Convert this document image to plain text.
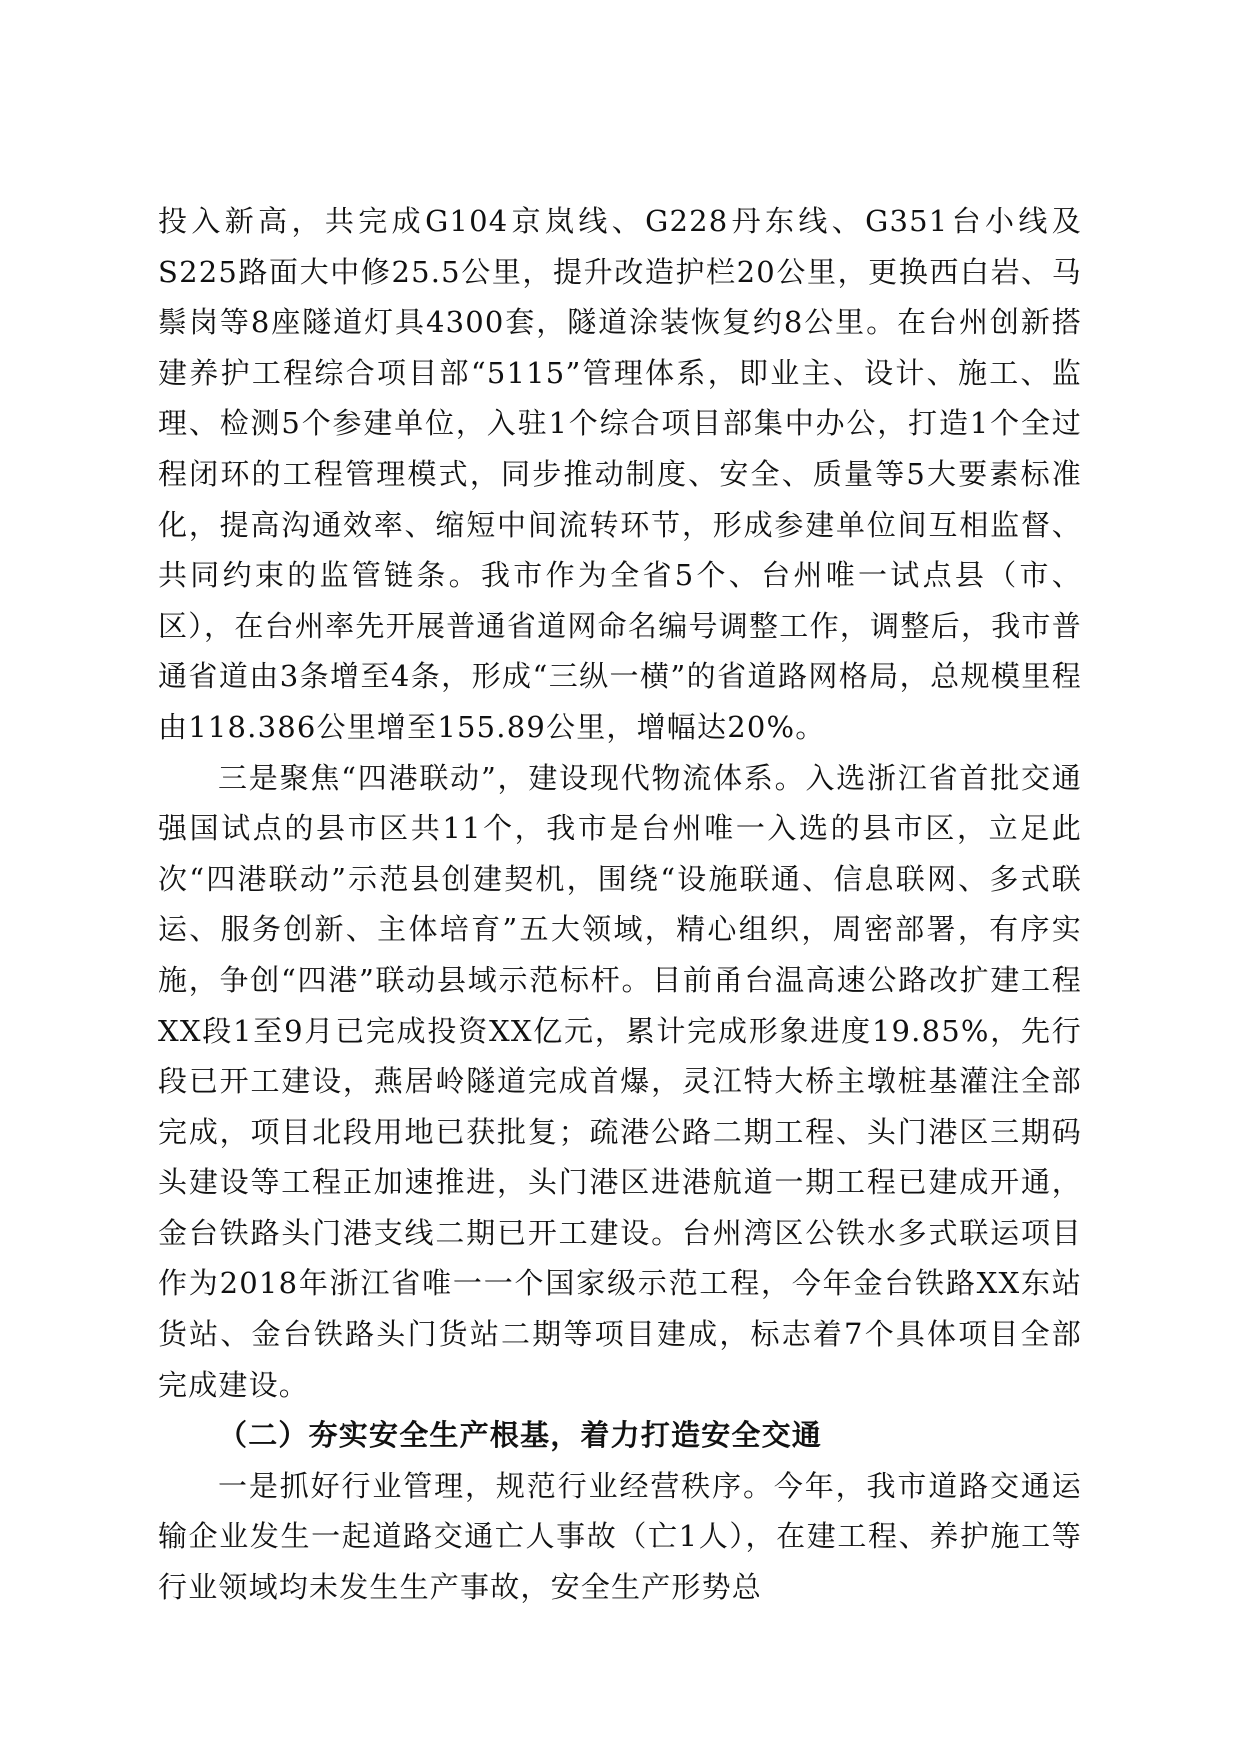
投入新高，共完成G104京岚线、G228丹东线、G351台小线及S225路面大中修25.5公里，提升改造护栏20公里，更换西白岩、马鬃岗等8座隧道灯具4300套，隧道涂装恢复约8公里。在台州创新搭建养护工程综合项目部“5115”管理体系，即业主、设计、施工、监理、检测5个参建单位，入驻1个综合项目部集中办公，打造1个全过程闭环的工程管理模式，同步推动制度、安全、质量等5大要素标准化，提高沟通效率、缩短中间流转环节，形成参建单位间互相监督、共同约束的监管链条。我市作为全省5个、台州唯一试点县（市、区），在台州率先开展普通省道网命名编号调整工作，调整后，我市普通省道由3条增至4条，形成“三纵一横”的省道路网格局，总规模里程由118.386公里增至155.89公里，增幅达20%。

三是聚焦“四港联动”，建设现代物流体系。入选浙江省首批交通强国试点的县市区共11个，我市是台州唯一入选的县市区，立足此次“四港联动”示范县创建契机，围绕“设施联通、信息联网、多式联运、服务创新、主体培育”五大领域，精心组织，周密部署，有序实施，争创“四港”联动县域示范标杆。目前甬台温高速公路改扩建工程XX段1至9月已完成投资XX亿元，累计完成形象进度19.85%，先行段已开工建设，燕居岭隧道完成首爆，灵江特大桥主墩桩基灌注全部完成，项目北段用地已获批复；疏港公路二期工程、头门港区三期码头建设等工程正加速推进，头门港区进港航道一期工程已建成开通，金台铁路头门港支线二期已开工建设。台州湾区公铁水多式联运项目作为2018年浙江省唯一一个国家级示范工程，今年金台铁路XX东站货站、金台铁路头门货站二期等项目建成，标志着7个具体项目全部完成建设。

（二）夯实安全生产根基，着力打造安全交通

一是抓好行业管理，规范行业经营秩序。今年，我市道路交通运输企业发生一起道路交通亡人事故（亡1人），在建工程、养护施工等行业领域均未发生生产事故，安全生产形势总
